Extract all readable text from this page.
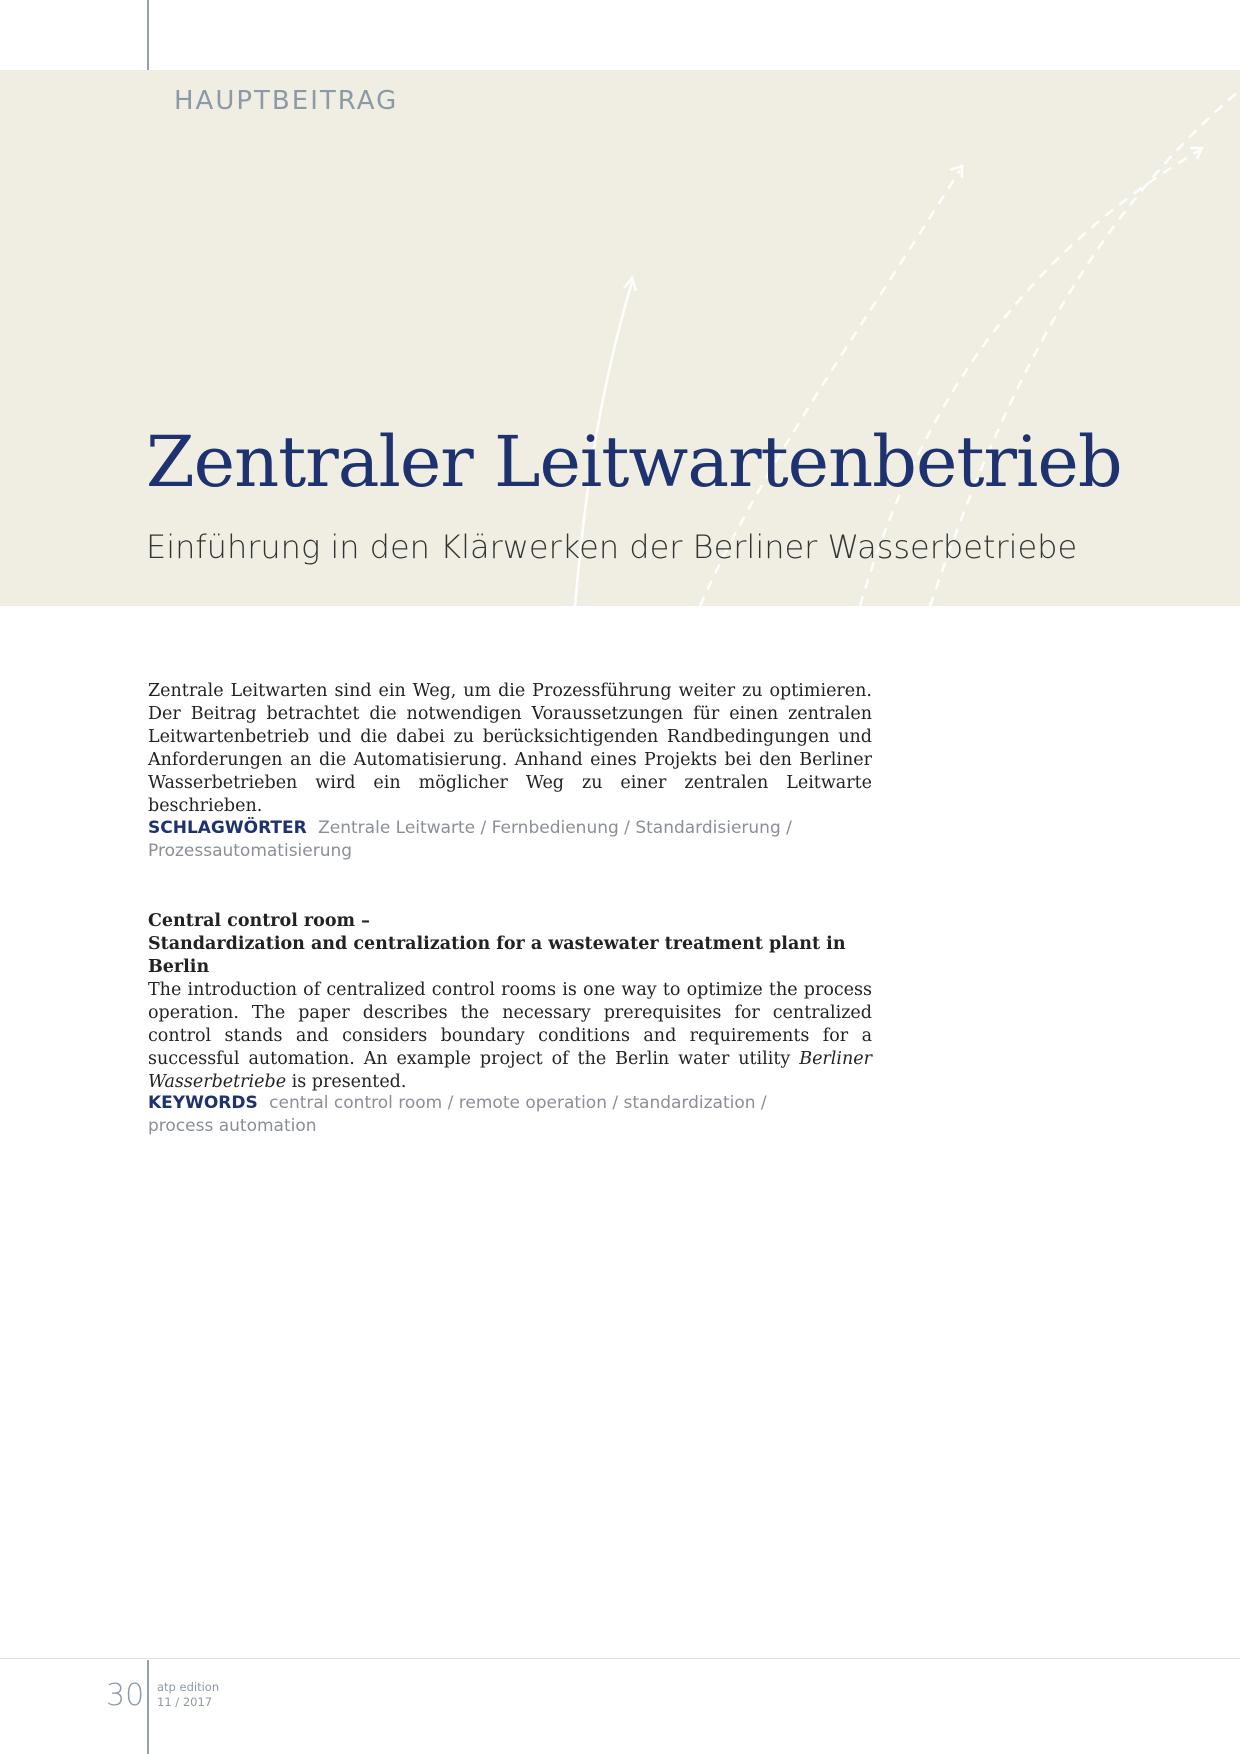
HAUPTBEITRAG
Zentraler Leitwartenbetrieb
Einführung in den Klärwerken der Berliner Wasserbetriebe

Zentrale Leitwarten sind ein Weg, um die Prozessführung weiter zu optimieren. Der Beitrag betrachtet die notwendigen Voraussetzungen für einen zentralen Leitwartenbetrieb und die dabei zu berücksichtigenden Randbedingungen und Anforderungen an die Automatisierung. Anhand eines Projekts bei den Berliner Wasserbetrieben wird ein möglicher Weg zu einer zentralen Leitwarte beschrieben.

SCHLAGWÖRTER Zentrale Leitwarte / Fernbedienung / Standardisierung / Prozessautomatisierung
Central control room –
Standardization and centralization for a wastewater treatment plant in Berlin
The introduction of centralized control rooms is one way to optimize the process operation. The paper describes the necessary prerequisites for centralized control stands and considers boundary conditions and requirements for a successful automation. An example project of the Berlin water utility Berliner Wasserbetriebe is presented.
KEYWORDS central control room / remote operation / standardization / process automation
30 atp edition
11 / 2017
